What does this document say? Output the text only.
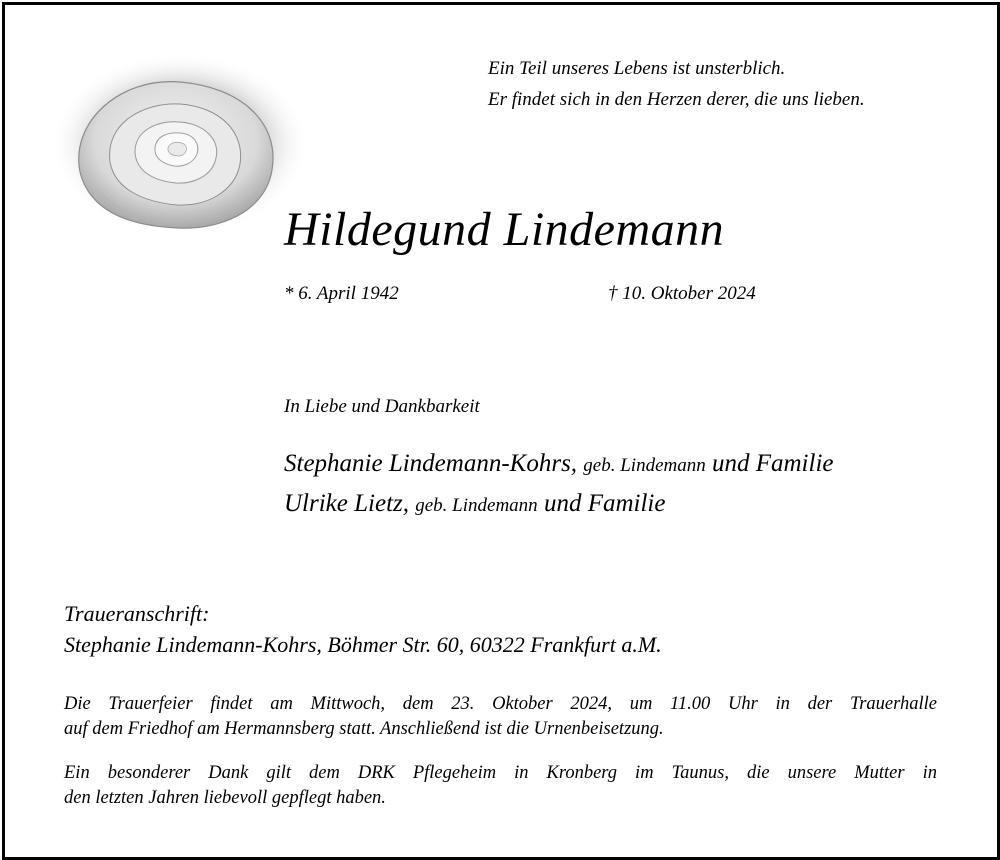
Ein Teil unseres Lebens ist unsterblich.
Er findet sich in den Herzen derer, die uns lieben.
Hildegund Lindemann
* 6. April 1942	† 10. Oktober 2024
In Liebe und Dankbarkeit
Stephanie Lindemann-Kohrs, geb. Lindemann und Familie
Ulrike Lietz, geb. Lindemann und Familie
Traueranschrift:
Stephanie Lindemann-Kohrs, Böhmer Str. 60, 60322 Frankfurt a.M.
Die Trauerfeier findet am Mittwoch, dem 23. Oktober 2024, um 11.00 Uhr in der Trauerhalle
auf dem Friedhof am Hermannsberg statt. Anschließend ist die Urnenbeisetzung.
Ein besonderer Dank gilt dem DRK Pflegeheim in Kronberg im Taunus, die unsere Mutter in
den letzten Jahren liebevoll gepflegt haben.
